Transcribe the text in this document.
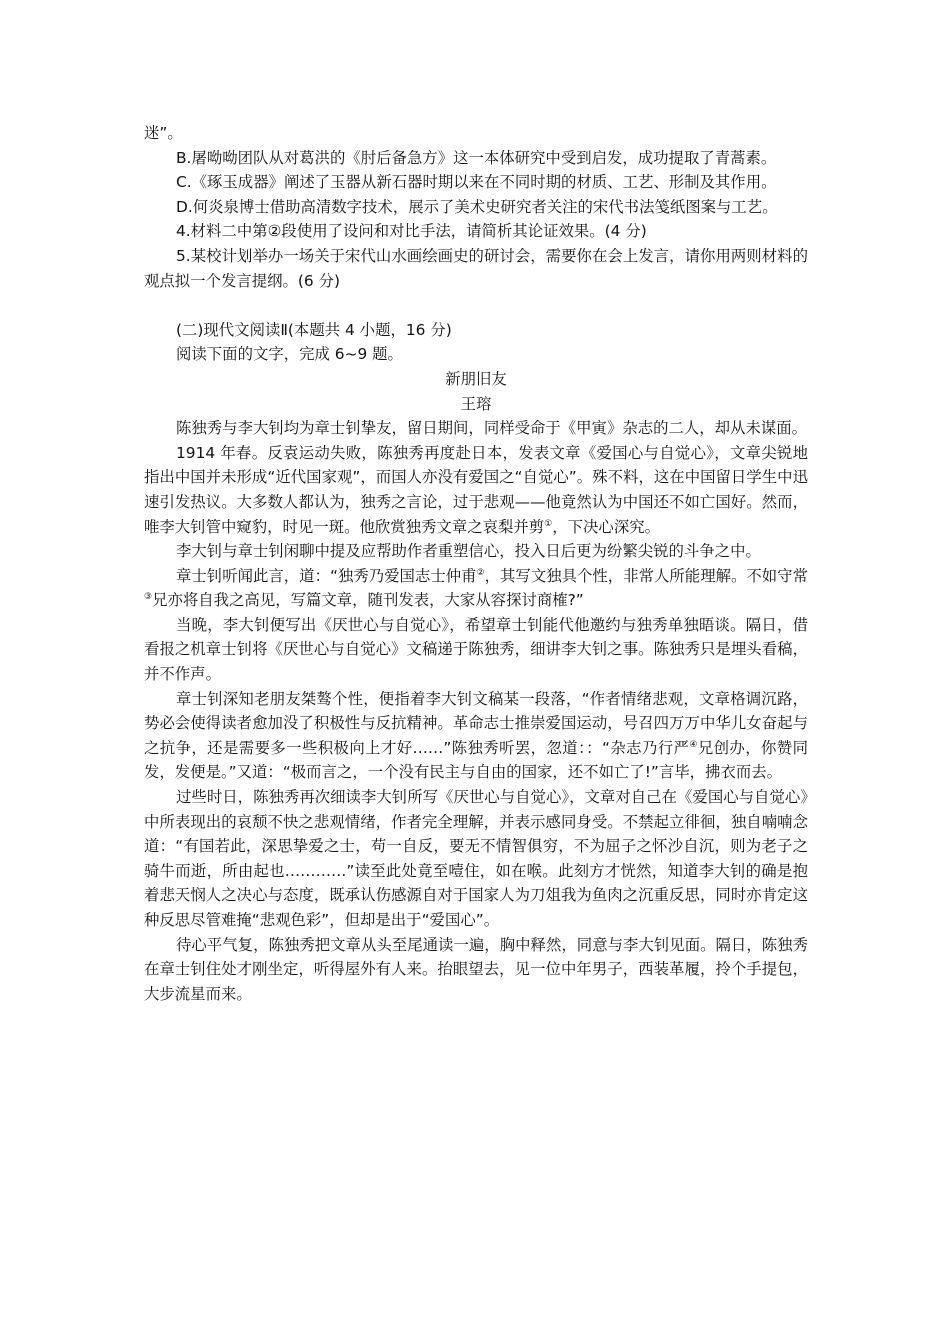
迷”。

B.屠呦呦团队从对葛洪的《肘后备急方》这一本体研究中受到启发，成功提取了青蒿素。

C.《琢玉成器》阐述了玉器从新石器时期以来在不同时期的材质、工艺、形制及其作用。

D.何炎泉博士借助高清数字技术，展示了美术史研究者关注的宋代书法笺纸图案与工艺。

4.材料二中第②段使用了设问和对比手法，请简析其论证效果。(4 分)

5.某校计划举办一场关于宋代山水画绘画史的研讨会，需要你在会上发言，请你用两则材料的观点拟一个发言提纲。(6 分)

(二)现代文阅读Ⅱ(本题共 4 小题，16 分)

阅读下面的文字，完成 6~9 题。

新朋旧友

王瑢

陈独秀与李大钊均为章士钊挚友，留日期间，同样受命于《甲寅》杂志的二人，却从未谋面。

1914 年春。反袁运动失败，陈独秀再度赴日本，发表文章《爱国心与自觉心》，文章尖锐地指出中国并未形成“近代国家观”，而国人亦没有爱国之“自觉心”。殊不料，这在中国留日学生中迅速引发热议。大多数人都认为，独秀之言论，过于悲观——他竟然认为中国还不如亡国好。然而，唯李大钊管中窥豹，时见一斑。他欣赏独秀文章之哀梨并剪①，下决心深究。

李大钊与章士钊闲聊中提及应帮助作者重塑信心，投入日后更为纷繁尖锐的斗争之中。

章士钊听闻此言，道：“独秀乃爱国志士仲甫②，其写文独具个性，非常人所能理解。不如守常③兄亦将自我之高见，写篇文章，随刊发表，大家从容探讨商榷?”

当晚，李大钊便写出《厌世心与自觉心》，希望章士钊能代他邀约与独秀单独晤谈。隔日，借看报之机章士钊将《厌世心与自觉心》文稿递于陈独秀，细讲李大钊之事。陈独秀只是埋头看稿，并不作声。

章士钊深知老朋友桀骜个性，便指着李大钊文稿某一段落，“作者情绪悲观，文章格调沉路，势必会使得读者愈加没了积极性与反抗精神。革命志士推崇爱国运动，号召四万万中华儿女奋起与之抗争，还是需要多一些积极向上才好……”陈独秀听罢，忽道：：“杂志乃行严④兄创办，你赞同发，发便是。”又道：“极而言之，一个没有民主与自由的国家，还不如亡了!”言毕，拂衣而去。

过些时日，陈独秀再次细读李大钊所写《厌世心与自觉心》，文章对自己在《爱国心与自觉心》中所表现出的哀颓不快之悲观情绪，作者完全理解，并表示感同身受。不禁起立徘徊，独自喃喃念道：“有国若此，深思挚爱之士，苟一自反，要无不情智俱穷，不为屈子之怀沙自沉，则为老子之骑牛而逝，所由起也…………”读至此处竟至噎住，如在喉。此刻方才恍然，知道李大钊的确是抱着悲天悯人之决心与态度，既承认伤感源自对于国家人为刀俎我为鱼肉之沉重反思，同时亦肯定这种反思尽管难掩“悲观色彩”，但却是出于“爱国心”。

待心平气复，陈独秀把文章从头至尾通读一遍，胸中释然，同意与李大钊见面。隔日，陈独秀在章士钊住处才刚坐定，听得屋外有人来。抬眼望去，见一位中年男子，西装革履，拎个手提包，大步流星而来。
